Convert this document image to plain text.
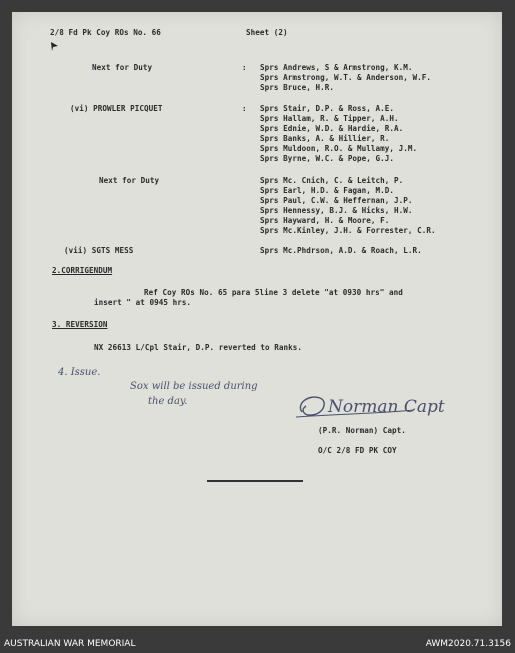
2/8 Fd Pk Coy ROs No. 66	Sheet (2)
Next for Duty	: Sprs Andrews, S & Armstrong, K.M.
Sprs Armstrong, W.T. & Anderson, W.F.
Sprs Bruce, H.R.
(vi) PROWLER PICQUET	: Sprs Stair, D.P. & Ross, A.E.
Sprs Hallam, R. & Tipper, A.H.
Sprs Ednie, W.D. & Hardie, R.A.
Sprs Banks, A. & Hillier, R.
Sprs Muldoon, R.O. & Mullamy, J.M.
Sprs Byrne, W.C. & Pope, G.J.
Next for Duty	Sprs Mc. Cnich, C. & Leitch, P.
Sprs Earl, H.D. & Fagan, M.D.
Sprs Paul, C.W. & Heffernan, J.P.
Sprs Hennessy, B.J. & Hicks, H.W.
Sprs Hayward, H. & Moore, F.
Sprs Mc.Kinley, J.H. & Forrester, C.R.
(vii) SGTS MESS	Sprs Mc.Phdrson, A.D. & Roach, L.R.
2.CORRIGENDUM
Ref Coy ROs No. 65 para 5line 3 delete "at 0930 hrs" and
insert " at 0945 hrs.
3. REVERSION
NX 26613 L/Cpl Stair, D.P. reverted to Ranks.
4. Issue.
Sox will be issued during
the day.	Norman Capt
(P.R. Norman) Capt.
O/C 2/8 FD PK COY
AUSTRALIAN WAR MEMORIAL	AWM2020.71.3156
